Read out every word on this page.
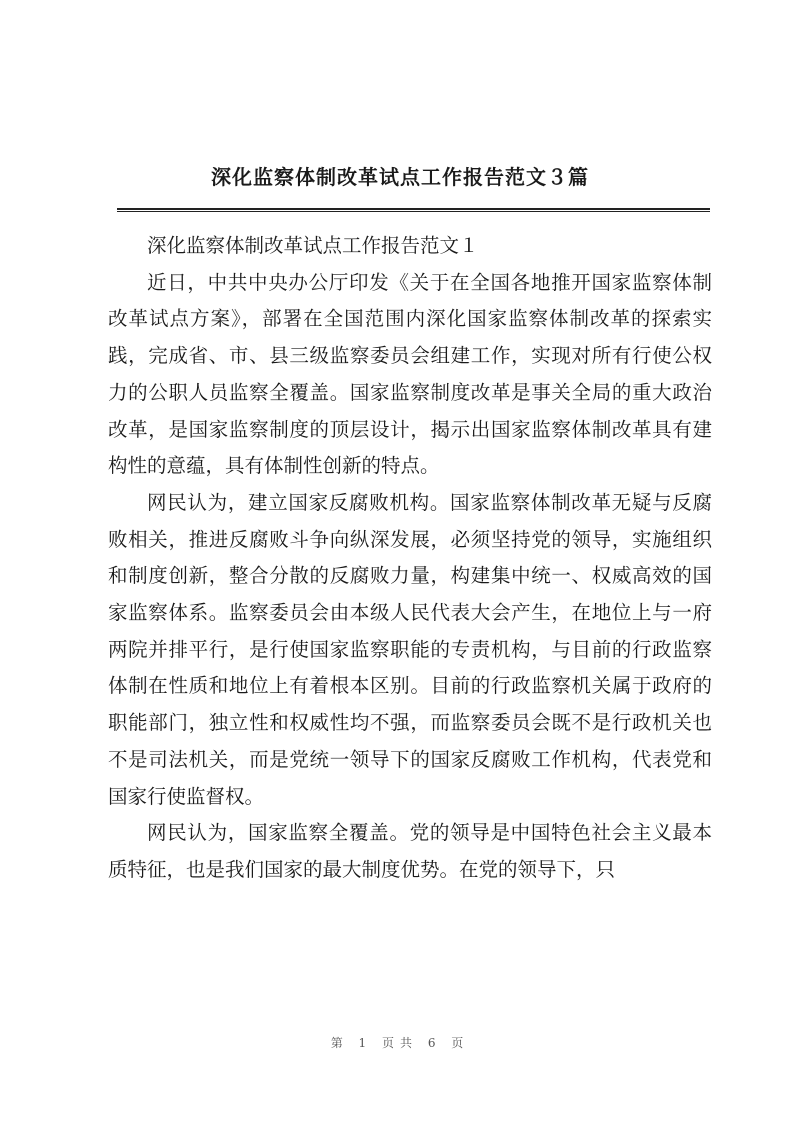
深化监察体制改革试点工作报告范文３篇

深化监察体制改革试点工作报告范文１

近日，中共中央办公厅印发《关于在全国各地推开国家监察体制改革试点方案》，部署在全国范围内深化国家监察体制改革的探索实践，完成省、市、县三级监察委员会组建工作，实现对所有行使公权力的公职人员监察全覆盖。国家监察制度改革是事关全局的重大政治改革，是国家监察制度的顶层设计，揭示出国家监察体制改革具有建构性的意蕴，具有体制性创新的特点。

网民认为，建立国家反腐败机构。国家监察体制改革无疑与反腐败相关，推进反腐败斗争向纵深发展，必须坚持党的领导，实施组织和制度创新，整合分散的反腐败力量，构建集中统一、权威高效的国家监察体系。监察委员会由本级人民代表大会产生，在地位上与一府两院并排平行，是行使国家监察职能的专责机构，与目前的行政监察体制在性质和地位上有着根本区别。目前的行政监察机关属于政府的职能部门，独立性和权威性均不强，而监察委员会既不是行政机关也不是司法机关，而是党统一领导下的国家反腐败工作机构，代表党和国家行使监督权。

网民认为，国家监察全覆盖。党的领导是中国特色社会主义最本质特征，也是我们国家的最大制度优势。在党的领导下，只

第 1 页共 6 页
